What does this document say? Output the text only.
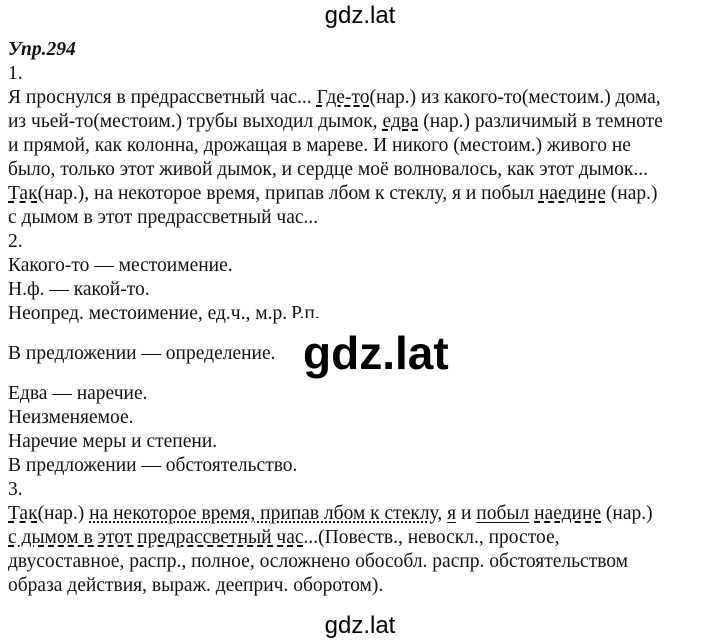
gdz.lat
gdz.lat
gdz.lat
Упр.294
1.
Я проснулся в предрассветный час... Где-то(нар.) из какого-то(местоим.) дома,
из чьей-то(местоим.) трубы выходил дымок, едва (нар.) различимый в темноте
и прямой, как колонна, дрожащая в мареве. И никого (местоим.) живого не
было, только этот живой дымок, и сердце моё волновалось, как этот дымок...
Так(нар.), на некоторое время, припав лбом к стеклу, я и побыл наедине (нар.)
с дымом в этот предрассветный час...
2.
Какого-то — местоимение.
Н.ф. — какой-то.
Неопред. местоимение, ед.ч., м.р. Р.п.
В предложении — определение.
Едва — наречие.
Неизменяемое.
Наречие меры и степени.
В предложении — обстоятельство.
3.
Так(нар.) на некоторое время, припав лбом к стеклу, я и побыл наедине (нар.)
с дымом в этот предрассветный час...(Повеств., невоскл., простое,
двусоставное, распр., полное, осложнено обособл. распр. обстоятельством
образа действия, выраж. деeприч. оборотом).
